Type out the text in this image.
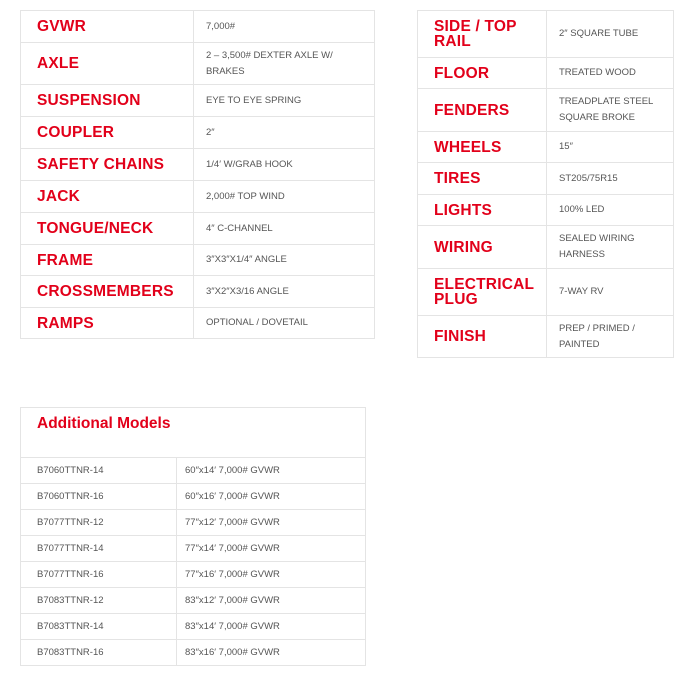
GVWR	7,000#
AXLE	2 – 3,500# DEXTER AXLE W/ BRAKES
SUSPENSION	EYE TO EYE SPRING
COUPLER	2″
SAFETY CHAINS	1/4′ W/GRAB HOOK
JACK	2,000# TOP WIND
TONGUE/NECK	4″ C-CHANNEL
FRAME	3″X3″X1/4″ ANGLE
CROSSMEMBERS	3″X2″X3/16 ANGLE
RAMPS	OPTIONAL / DOVETAIL
SIDE / TOP RAIL	2″ SQUARE TUBE
FLOOR	TREATED WOOD
FENDERS	TREADPLATE STEEL SQUARE BROKE
WHEELS	15″
TIRES	ST205/75R15
LIGHTS	100% LED
WIRING	SEALED WIRING HARNESS
ELECTRICAL PLUG	7-WAY RV
FINISH	PREP / PRIMED / PAINTED
Additional Models	

B7060TTNR-14	60″x14′ 7,000# GVWR
B7060TTNR-16	60″x16′ 7,000# GVWR
B7077TTNR-12	77″x12′ 7,000# GVWR
B7077TTNR-14	77″x14′ 7,000# GVWR
B7077TTNR-16	77″x16′ 7,000# GVWR
B7083TTNR-12	83″x12′ 7,000# GVWR
B7083TTNR-14	83″x14′ 7,000# GVWR
B7083TTNR-16	83″x16′ 7,000# GVWR
